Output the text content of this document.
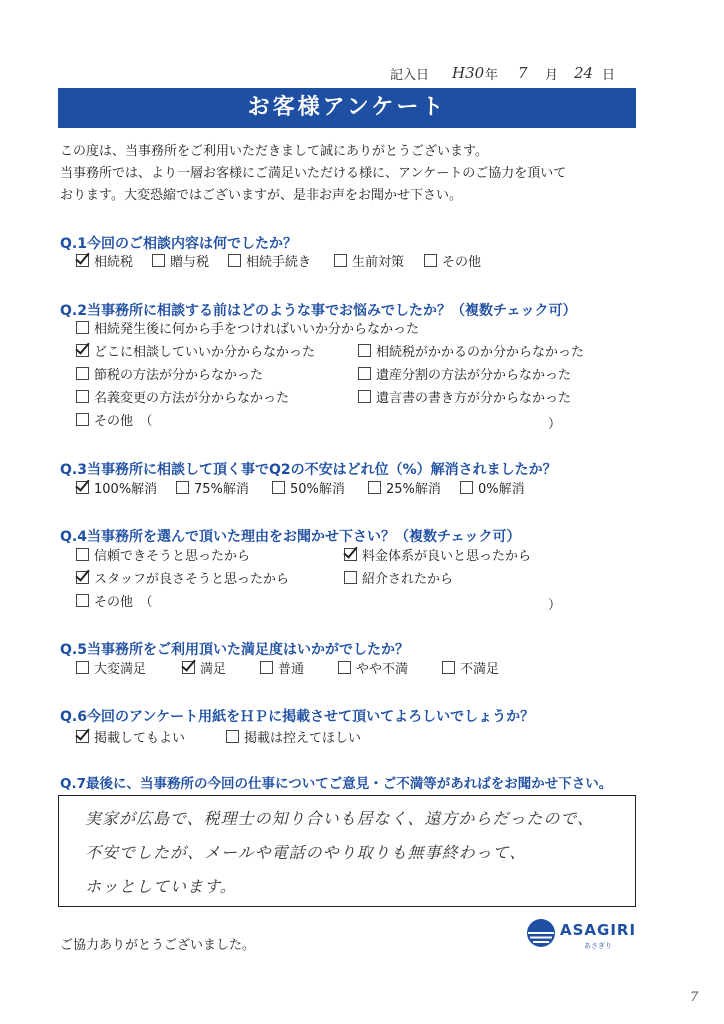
記入日 H30 年 7 月 24 日
お客様アンケート
この度は、当事務所をご利用いただきまして誠にありがとうございます。
当事務所では、より一層お客様にご満足いただける様に、アンケートのご協力を頂いて
おります。大変恐縮ではございますが、是非お声をお聞かせ下さい。
Q.1今回のご相談内容は何でしたか？
相続税	贈与税	相続手続き	生前対策	その他
Q.2当事務所に相談する前はどのような事でお悩みでしたか？（複数チェック可）
相続発生後に何から手をつければいいか分からなかった
どこに相談していいか分からなかった	相続税がかかるのか分からなかった
節税の方法が分からなかった	遺産分割の方法が分からなかった
名義変更の方法が分からなかった	遺言書の書き方が分からなかった
その他　（	）
Q.3当事務所に相談して頂く事でQ2の不安はどれ位（%）解消されましたか？
100%解消	75%解消	50%解消	25%解消	0%解消
Q.4当事務所を選んで頂いた理由をお聞かせ下さい？（複数チェック可）
信頼できそうと思ったから	料金体系が良いと思ったから
スタッフが良さそうと思ったから	紹介されたから
その他　（	）
Q.5当事務所をご利用頂いた満足度はいかがでしたか？
大変満足	満足	普通	やや不満	不満足
Q.6今回のアンケート用紙をＨＰに掲載させて頂いてよろしいでしょうか？
掲載してもよい	掲載は控えてほしい
Q.7最後に、当事務所の今回の仕事についてご意見・ご不満等があればをお聞かせ下さい。
実家が広島で、税理士の知り合いも居なく、遠方からだったので、
不安でしたが、メールや電話のやり取りも無事終わって、
ホッとしています。
ご協力ありがとうございました。
ASAGIRI
あさぎり
7
